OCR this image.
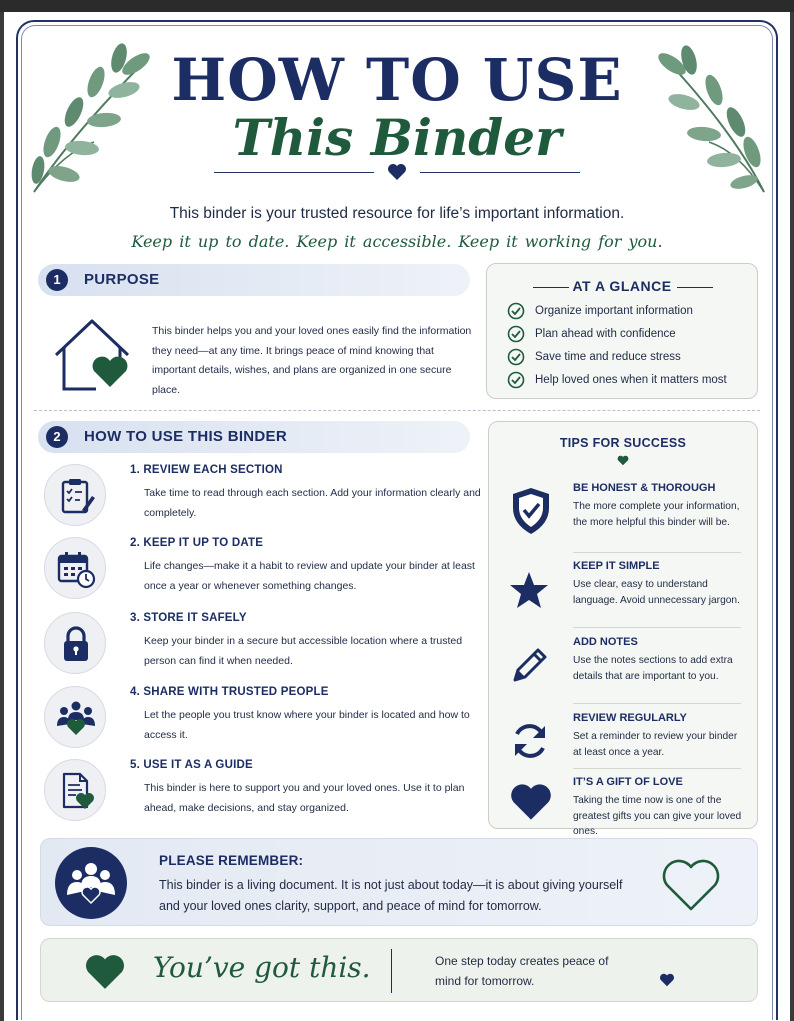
HOW TO USE
This Binder
This binder is your trusted resource for life’s important information.
Keep it up to date. Keep it accessible. Keep it working for you.
1	PURPOSE
This binder helps you and your loved ones easily find the information they need—at any time. It brings peace of mind knowing that important details, wishes, and plans are organized in one secure place.
AT A GLANCE
Organize important information
Plan ahead with confidence
Save time and reduce stress
Help loved ones when it matters most
2	HOW TO USE THIS BINDER
1. REVIEW EACH SECTION
Take time to read through each section. Add your information clearly and completely.
2. KEEP IT UP TO DATE
Life changes—make it a habit to review and update your binder at least once a year or whenever something changes.
3. STORE IT SAFELY
Keep your binder in a secure but accessible location where a trusted person can find it when needed.
4. SHARE WITH TRUSTED PEOPLE
Let the people you trust know where your binder is located and how to access it.
5. USE IT AS A GUIDE
This binder is here to support you and your loved ones. Use it to plan ahead, make decisions, and stay organized.
TIPS FOR SUCCESS
BE HONEST & THOROUGH
The more complete your information, the more helpful this binder will be.
KEEP IT SIMPLE
Use clear, easy to understand language. Avoid unnecessary jargon.
ADD NOTES
Use the notes sections to add extra details that are important to you.
REVIEW REGULARLY
Set a reminder to review your binder at least once a year.
IT’S A GIFT OF LOVE
Taking the time now is one of the greatest gifts you can give your loved ones.
PLEASE REMEMBER:
This binder is a living document. It is not just about today—it is about giving yourself and your loved ones clarity, support, and peace of mind for tomorrow.
You’ve got this.	One step today creates peace of mind for tomorrow.
